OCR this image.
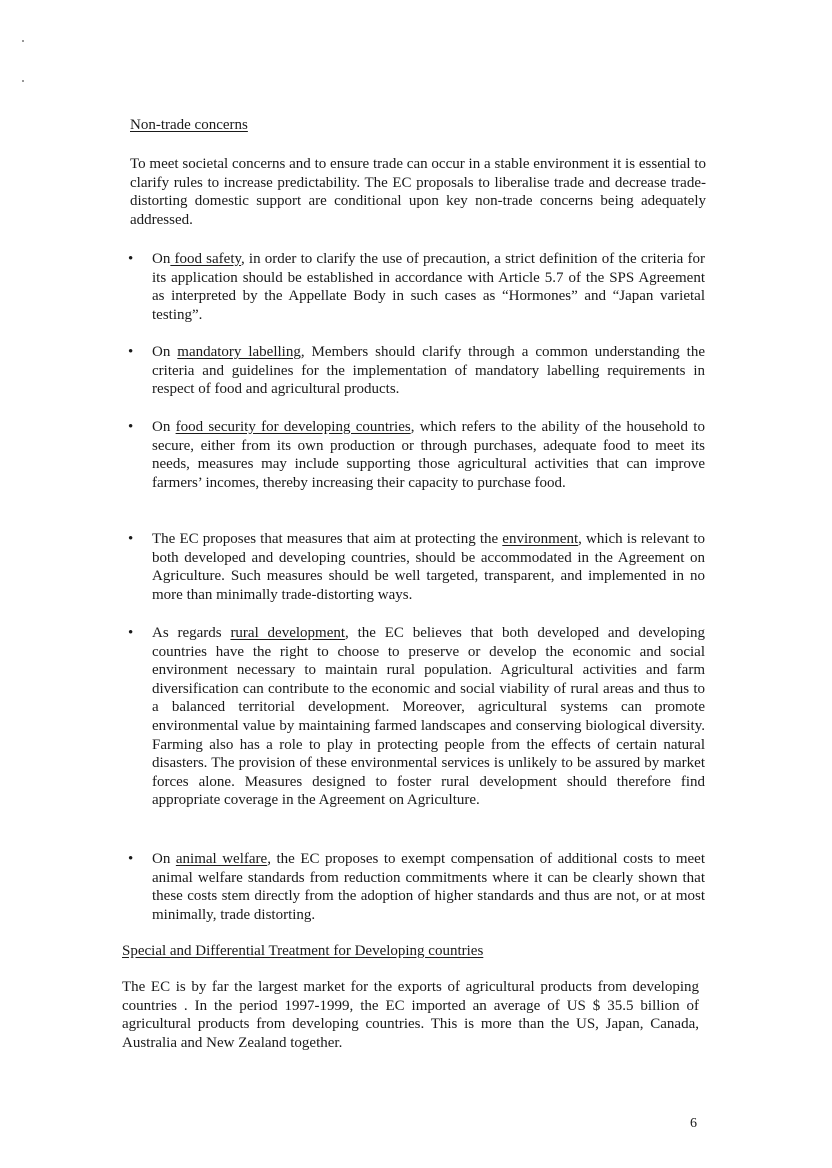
Non-trade concerns
To meet societal concerns and to ensure trade can occur in a stable environment it is essential to clarify rules to increase predictability. The EC proposals to liberalise trade and decrease trade-distorting domestic support are conditional upon key non-trade concerns being adequately addressed.
• On food safety, in order to clarify the use of precaution, a strict definition of the criteria for its application should be established in accordance with Article 5.7 of the SPS Agreement as interpreted by the Appellate Body in such cases as “Hormones” and “Japan varietal testing”.
• On mandatory labelling, Members should clarify through a common understanding the criteria and guidelines for the implementation of mandatory labelling requirements in respect of food and agricultural products.
• On food security for developing countries, which refers to the ability of the household to secure, either from its own production or through purchases, adequate food to meet its needs, measures may include supporting those agricultural activities that can improve farmers’ incomes, thereby increasing their capacity to purchase food.
• The EC proposes that measures that aim at protecting the environment, which is relevant to both developed and developing countries, should be accommodated in the Agreement on Agriculture. Such measures should be well targeted, transparent, and implemented in no more than minimally trade-distorting ways.
• As regards rural development, the EC believes that both developed and developing countries have the right to choose to preserve or develop the economic and social environment necessary to maintain rural population. Agricultural activities and farm diversification can contribute to the economic and social viability of rural areas and thus to a balanced territorial development. Moreover, agricultural systems can promote environmental value by maintaining farmed landscapes and conserving biological diversity. Farming also has a role to play in protecting people from the effects of certain natural disasters. The provision of these environmental services is unlikely to be assured by market forces alone. Measures designed to foster rural development should therefore find appropriate coverage in the Agreement on Agriculture.
• On animal welfare, the EC proposes to exempt compensation of additional costs to meet animal welfare standards from reduction commitments where it can be clearly shown that these costs stem directly from the adoption of higher standards and thus are not, or at most minimally, trade distorting.
Special and Differential Treatment for Developing countries
The EC is by far the largest market for the exports of agricultural products from developing countries . In the period 1997-1999, the EC imported an average of US $ 35.5 billion of agricultural products from developing countries. This is more than the US, Japan, Canada, Australia and New Zealand together.
6
